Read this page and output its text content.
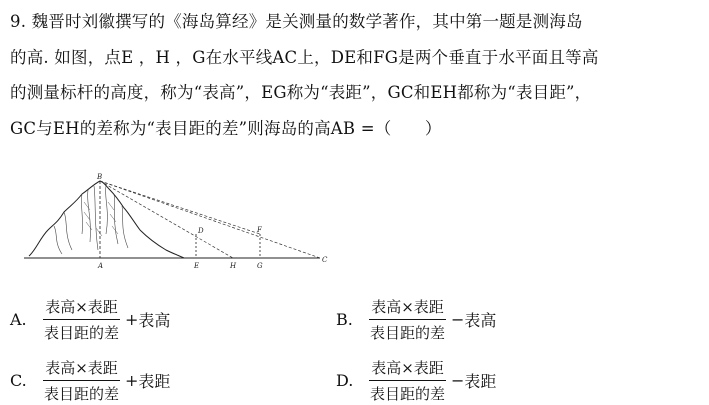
9. 魏晋时刘徽撰写的《海岛算经》是关测量的数学著作，其中第一题是测海岛
的高. 如图，点E ，H ，G在水平线AC上，DE和FG是两个垂直于水平面且等高
的测量标杆的高度，称为“表高”，EG称为“表距”，GC和EH都称为“表目距”，
GC与EH的差称为“表目距的差”则海岛的高AB =（　　）
B
A
D
E	H
F
G
C
A.	$\frac{\text{表高×表距}}{\text{表目距的差}}$ + 表高	B.	$\frac{\text{表高×表距}}{\text{表目距的差}}$ − 表高
C.	$\frac{\text{表高×表距}}{\text{表目距的差}}$ + 表距	D. $\frac{\text{表高×表距}}{\text{表目距的差}}$ − 表距
